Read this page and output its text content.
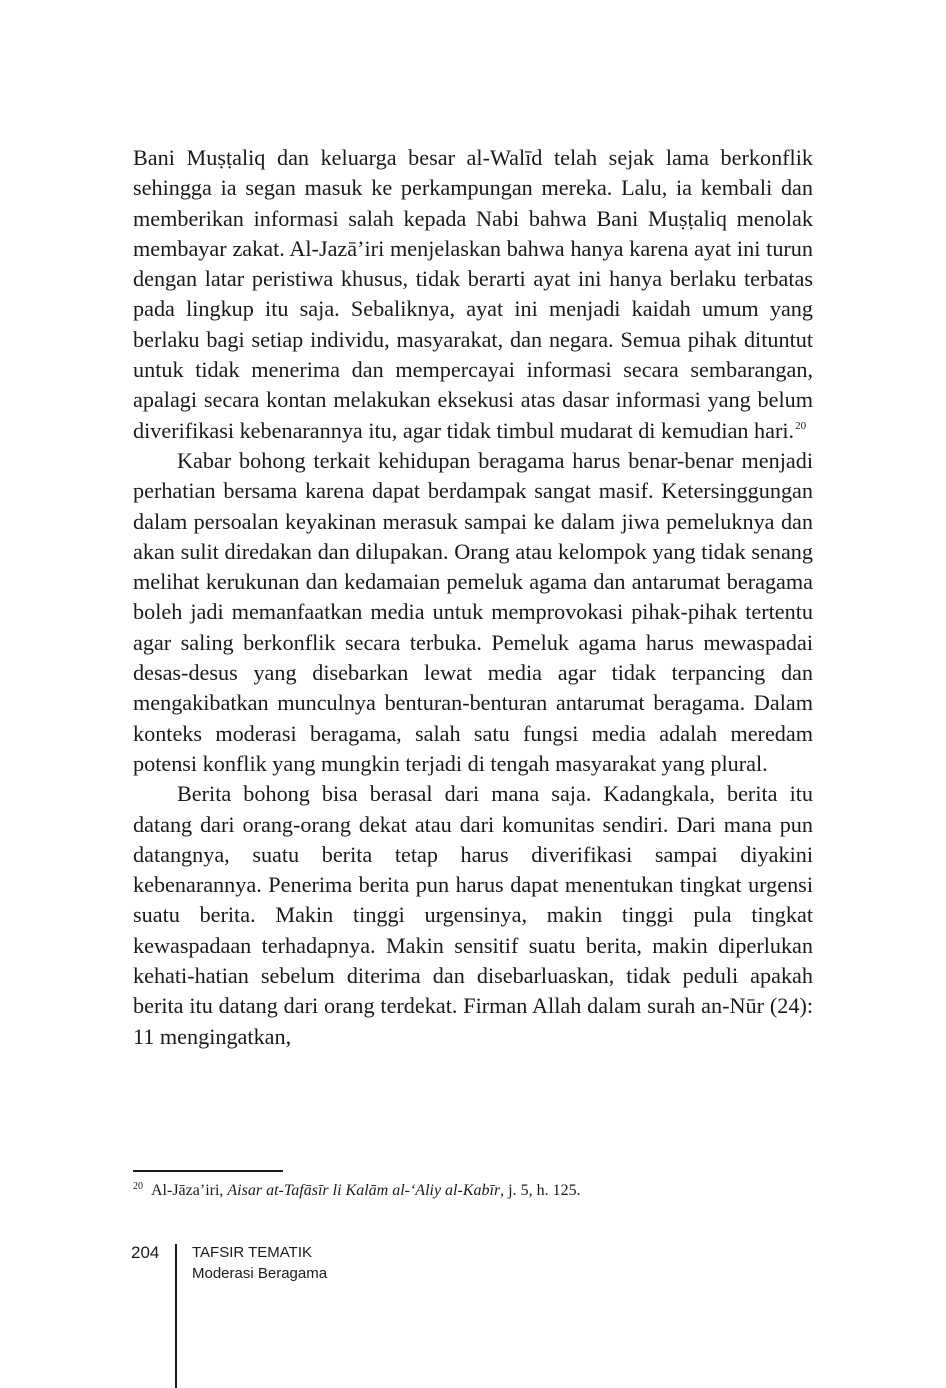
Bani Muṣṭaliq dan keluarga besar al-Walīd telah sejak lama berkonflik sehingga ia segan masuk ke perkampungan mereka. Lalu, ia kembali dan memberikan informasi salah kepada Nabi bahwa Bani Muṣṭaliq menolak membayar zakat. Al-Jazā’iri menjelaskan bahwa hanya karena ayat ini turun dengan latar peristiwa khusus, tidak berarti ayat ini hanya berlaku terbatas pada lingkup itu saja. Sebaliknya, ayat ini menjadi kaidah umum yang berlaku bagi setiap individu, masyarakat, dan negara. Semua pihak dituntut untuk tidak menerima dan mempercayai informasi secara sembarangan, apalagi secara kontan melakukan eksekusi atas dasar informasi yang belum diverifikasi kebenarannya itu, agar tidak timbul mudarat di kemudian hari.$^{20}$

Kabar bohong terkait kehidupan beragama harus benar-benar menjadi perhatian bersama karena dapat berdampak sangat masif. Ketersinggungan dalam persoalan keyakinan merasuk sampai ke dalam jiwa pemeluknya dan akan sulit diredakan dan dilupakan. Orang atau kelompok yang tidak senang melihat kerukunan dan kedamaian pemeluk agama dan antarumat beragama boleh jadi memanfaatkan media untuk memprovokasi pihak-pihak tertentu agar saling berkonflik secara terbuka. Pemeluk agama harus mewaspadai desas-desus yang disebarkan lewat media agar tidak terpancing dan mengakibatkan munculnya benturan-benturan antarumat beragama. Dalam konteks moderasi beragama, salah satu fungsi media adalah meredam potensi konflik yang mungkin terjadi di tengah masyarakat yang plural.

Berita bohong bisa berasal dari mana saja. Kadangkala, berita itu datang dari orang-orang dekat atau dari komunitas sendiri. Dari mana pun datangnya, suatu berita tetap harus diverifikasi sampai diyakini kebenarannya. Penerima berita pun harus dapat menentukan tingkat urgensi suatu berita. Makin tinggi urgensinya, makin tinggi pula tingkat kewaspadaan terhadapnya. Makin sensitif suatu berita, makin diperlukan kehati-hatian sebelum diterima dan disebarluaskan, tidak peduli apakah berita itu datang dari orang terdekat. Firman Allah dalam surah an-Nūr (24): 11 mengingatkan,

$^{20}$ Al-Jāza’iri, Aisar at-Tafāsīr li Kalām al-‘Aliy al-Kabīr, j. 5, h. 125.
204 TAFSIR TEMATIK
Moderasi Beragama
